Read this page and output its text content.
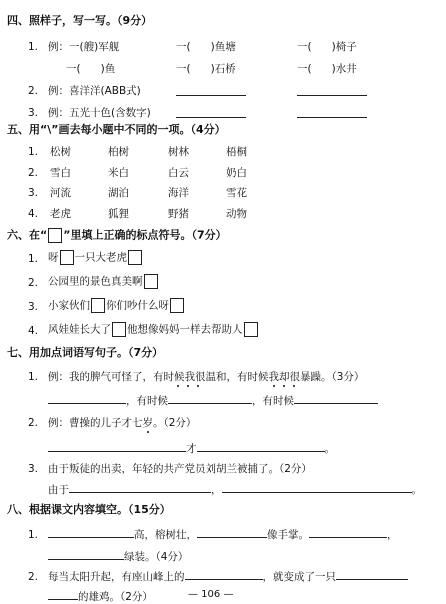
四、照样子，写一写。（9分）
1. 例：一(艘)军舰	一( )鱼塘	一( )椅子
一( )鱼	一( )石桥	一( )水井
2. 例：喜洋洋(ABB式)
3. 例：五光十色(含数字)
五、用“\”画去每小题中不同的一项。（4分）
1. 松树	柏树	树林	梧桐
2. 雪白	米白	白云	奶白
3. 河流	湖泊	海洋	雪花
4. 老虎	狐狸	野猪	动物
六、在“ ”里填上正确的标点符号。（7分）
1. 呀 一只大老虎
2. 公园里的景色真美啊
3. 小家伙们 你们吵什么呀
4. 风娃娃长大了 他想像妈妈一样去帮助人
七、用加点词语写句子。（7分）
1. 例：我的脾气可怪了，有时候我很温和，有时候我却很暴躁。（3分）
，有时候	，有时候
2. 例：曹操的儿子才七岁。（2分）
才	。
3. 由于叛徒的出卖，年轻的共产党员刘胡兰被捕了。（2分）
由于	，	。
八、根据课文内容填空。（15分）
1.	高，榕树壮，	像手掌。	，
绿装。（4分）
2. 每当太阳升起，有座山峰上的	，就变成了一只
的雄鸡。（2分）	— 106 —
